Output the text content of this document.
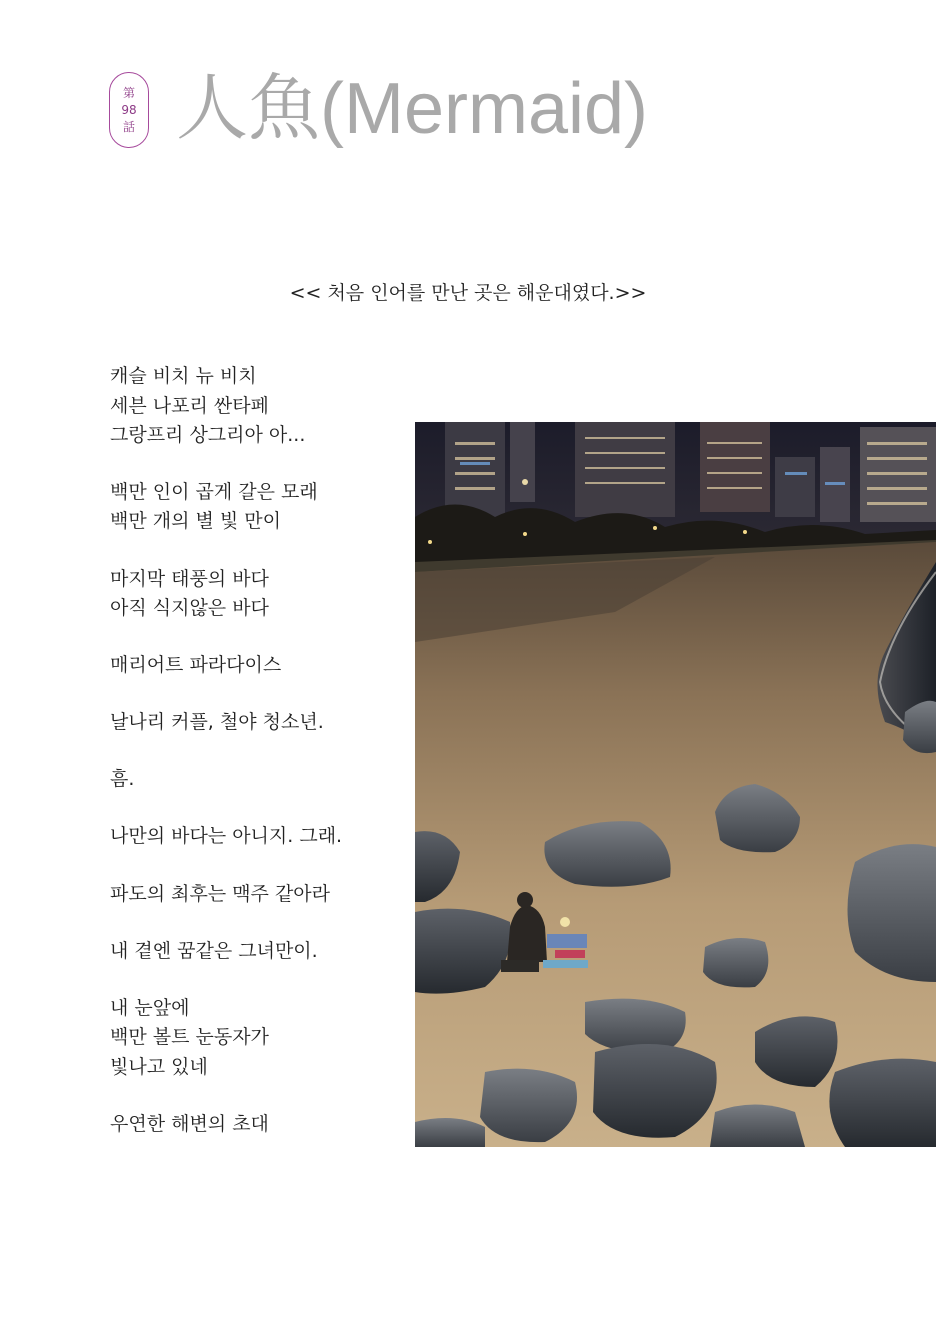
第
98
話 人魚(Mermaid)
<< 처음 인어를 만난 곳은 해운대였다.>>
캐슬 비치 뉴 비치
세븐 나포리 싼타페
그랑프리 상그리아 아...
백만 인이 곱게 갈은 모래
백만 개의 별 빛 만이
마지막 태풍의 바다
아직 식지않은 바다
매리어트 파라다이스
날나리 커플, 철야 청소년.
흠.
나만의 바다는 아니지. 그래.
파도의 최후는 맥주 같아라
내 곁엔 꿈같은 그녀만이.
내 눈앞에
백만 볼트 눈동자가
빛나고 있네
우연한 해변의 초대
